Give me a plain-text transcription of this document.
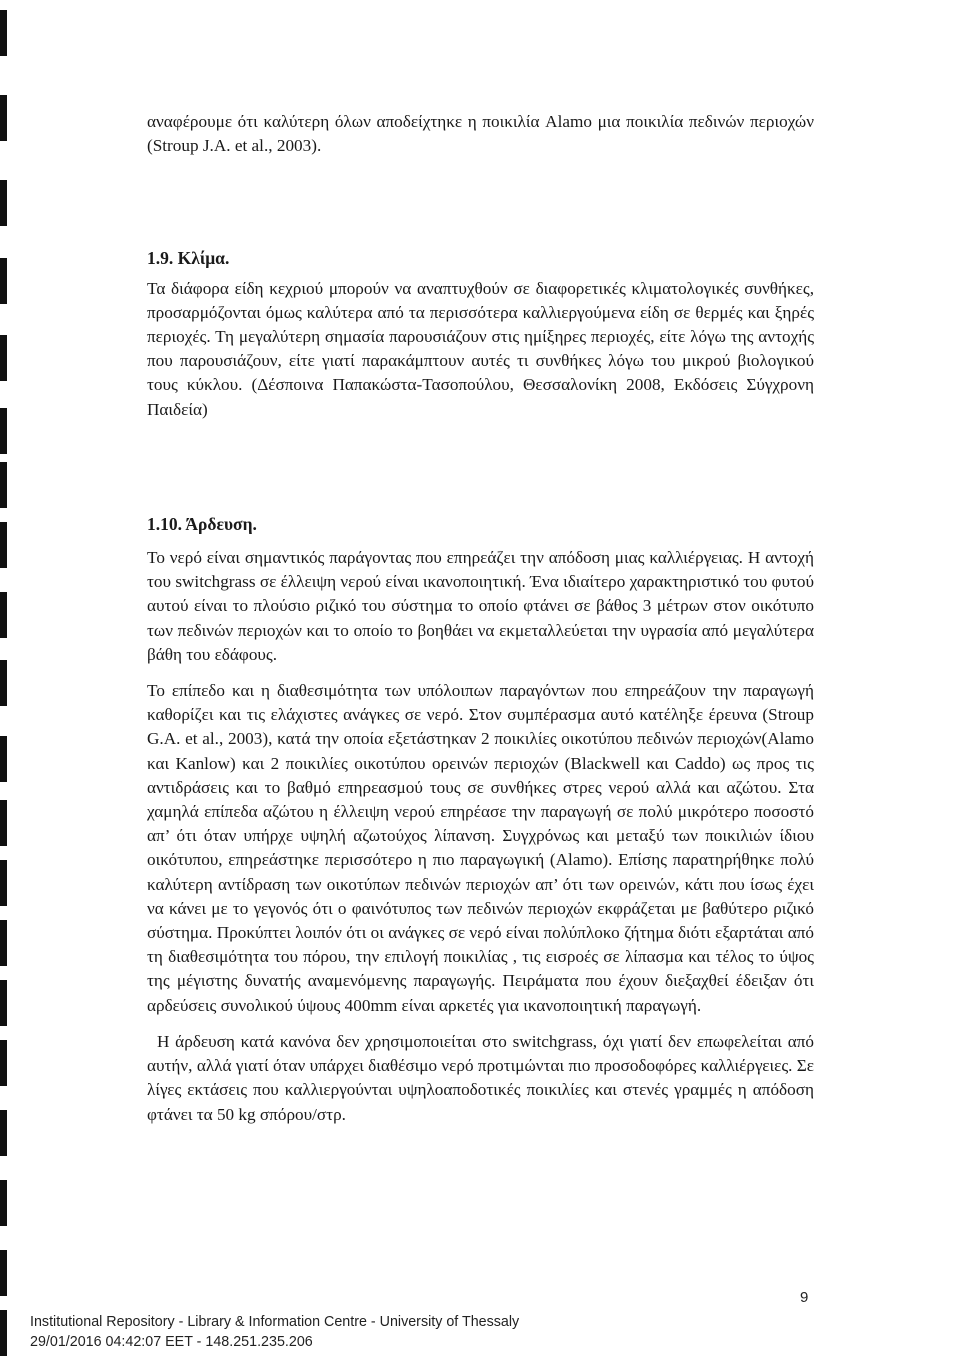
αναφέρουμε ότι καλύτερη όλων αποδείχτηκε η ποικιλία Alamo μια ποικιλία πεδινών περιοχών (Stroup J.A. et al., 2003).

1.9. Κλίμα.

Τα διάφορα είδη κεχριού μπορούν να αναπτυχθούν σε διαφορετικές κλιματολογικές συνθήκες, προσαρμόζονται όμως καλύτερα από τα περισσότερα καλλιεργούμενα είδη σε θερμές και ξηρές περιοχές. Τη μεγαλύτερη σημασία παρουσιάζουν στις ημίξηρες περιοχές, είτε λόγω της αντοχής που παρουσιάζουν, είτε γιατί παρακάμπτουν αυτές τι συνθήκες λόγω του μικρού βιολογικού τους κύκλου. (Δέσποινα Παπακώστα-Τασοπούλου, Θεσσαλονίκη 2008, Εκδόσεις Σύγχρονη Παιδεία)

1.10. Άρδευση.

Το νερό είναι σημαντικός παράγοντας που επηρεάζει την απόδοση μιας καλλιέργειας. Η αντοχή του switchgrass σε έλλειψη νερού είναι ικανοποιητική. Ένα ιδιαίτερο χαρακτηριστικό του φυτού αυτού είναι το πλούσιο ριζικό του σύστημα το οποίο φτάνει σε βάθος 3 μέτρων στον οικότυπο των πεδινών περιοχών και το οποίο το βοηθάει να εκμεταλλεύεται την υγρασία από μεγαλύτερα βάθη του εδάφους.

Το επίπεδο και η διαθεσιμότητα των υπόλοιπων παραγόντων που επηρεάζουν την παραγωγή καθορίζει και τις ελάχιστες ανάγκες σε νερό. Στον συμπέρασμα αυτό κατέληξε έρευνα (Stroup G.A. et al., 2003), κατά την οποία εξετάστηκαν 2 ποικιλίες οικοτύπου πεδινών περιοχών(Alamo και Kanlow) και 2 ποικιλίες οικοτύπου ορεινών περιοχών (Blackwell και Caddo) ως προς τις αντιδράσεις και το βαθμό επηρεασμού τους σε συνθήκες στρες νερού αλλά και αζώτου. Στα χαμηλά επίπεδα αζώτου η έλλειψη νερού επηρέασε την παραγωγή σε πολύ μικρότερο ποσοστό απ’ ότι όταν υπήρχε υψηλή αζωτούχος λίπανση. Συγχρόνως και μεταξύ των ποικιλιών ίδιου οικότυπου, επηρεάστηκε περισσότερο η πιο παραγωγική (Alamo). Επίσης παρατηρήθηκε πολύ καλύτερη αντίδραση των οικοτύπων πεδινών περιοχών απ’ ότι των ορεινών, κάτι που ίσως έχει να κάνει με το γεγονός ότι ο φαινότυπος των πεδινών περιοχών εκφράζεται με βαθύτερο ριζικό σύστημα. Προκύπτει λοιπόν ότι οι ανάγκες σε νερό είναι πολύπλοκο ζήτημα διότι εξαρτάται από τη διαθεσιμότητα του πόρου, την επιλογή ποικιλίας , τις εισροές σε λίπασμα και τέλος το ύψος της μέγιστης δυνατής αναμενόμενης παραγωγής. Πειράματα που έχουν διεξαχθεί έδειξαν ότι αρδεύσεις συνολικού ύψους 400mm είναι αρκετές για ικανοποιητική παραγωγή.

Η άρδευση κατά κανόνα δεν χρησιμοποιείται στο switchgrass, όχι γιατί δεν επωφελείται από αυτήν, αλλά γιατί όταν υπάρχει διαθέσιμο νερό προτιμώνται πιο προσοδοφόρες καλλιέργειες. Σε λίγες εκτάσεις που καλλιεργούνται υψηλοαποδοτικές ποικιλίες και στενές γραμμές η απόδοση φτάνει τα 50 kg σπόρου/στρ.

9
Institutional Repository - Library & Information Centre - University of Thessaly
29/01/2016 04:42:07 EET - 148.251.235.206
